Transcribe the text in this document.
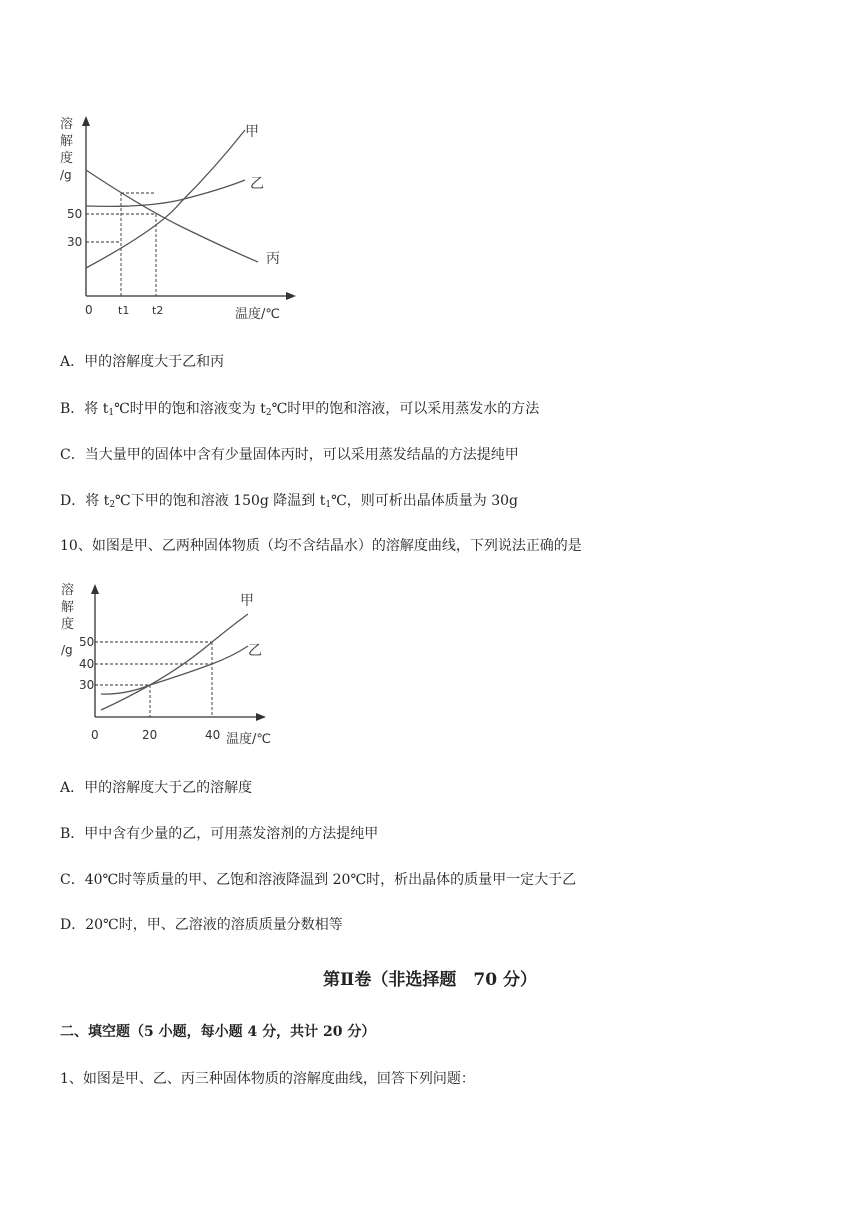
溶
解
度
/g
50
30
0 t1 t2	温度/℃
甲
乙
丙
A．甲的溶解度大于乙和丙
B．将 $t_1℃$时甲的饱和溶液变为 $t_2℃$时甲的饱和溶液，可以采用蒸发水的方法
C．当大量甲的固体中含有少量固体丙时，可以采用蒸发结晶的方法提纯甲
D．将 $t_2℃$下甲的饱和溶液 150g 降温到 $t_1℃$，则可析出晶体质量为 30g
10、如图是甲、乙两种固体物质（均不含结晶水）的溶解度曲线，下列说法正确的是
溶
解
度
/g
50
40
30
0	20	40 温度/℃
甲
乙
A．甲的溶解度大于乙的溶解度
B．甲中含有少量的乙，可用蒸发溶剂的方法提纯甲
C．40℃时等质量的甲、乙饱和溶液降温到 20℃时，析出晶体的质量甲一定大于乙
D．20℃时，甲、乙溶液的溶质质量分数相等
第Ⅱ卷（非选择题　70 分）
二、填空题（5 小题，每小题 4 分，共计 20 分）
1、如图是甲、乙、丙三种固体物质的溶解度曲线，回答下列问题：
